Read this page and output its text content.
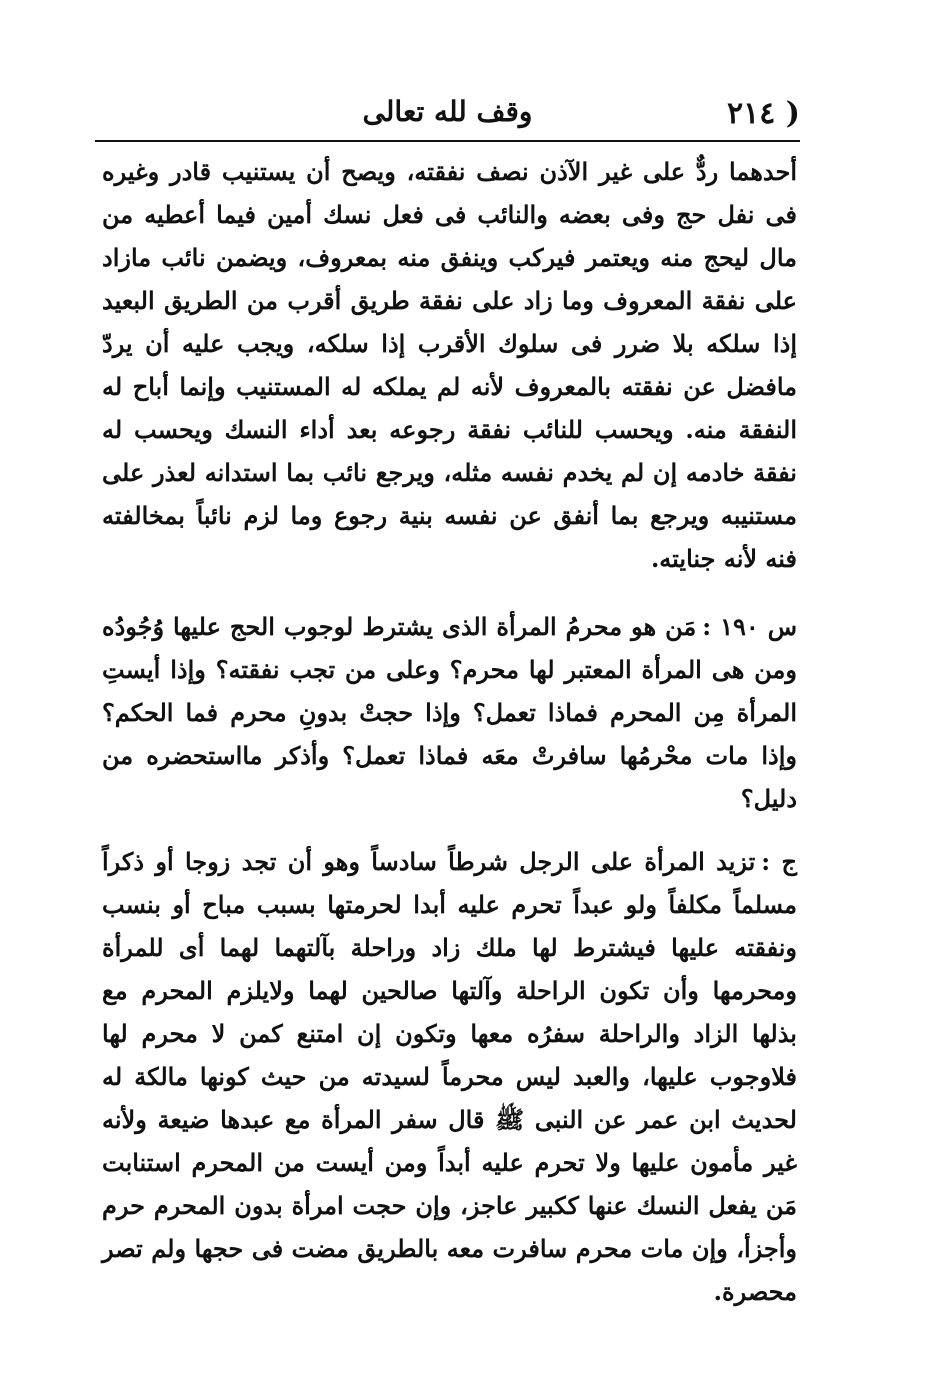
( ٢١٤
وقف لله تعالى

أحدهما ردٌّ على غير الآذن نصف نفقته، ويصح أن يستنيب قادر وغيره فى نفل حج وفى بعضه والنائب فى فعل نسك أمين فيما أعطيه من مال ليحج منه ويعتمر فيركب وينفق منه بمعروف، ويضمن نائب مازاد على نفقة المعروف وما زاد على نفقة طريق أقرب من الطريق البعيد إذا سلكه بلا ضرر فى سلوك الأقرب إذا سلكه، ويجب عليه أن يردّ مافضل عن نفقته بالمعروف لأنه لم يملكه له المستنيب وإنما أباح له النفقة منه. ويحسب للنائب نفقة رجوعه بعد أداء النسك ويحسب له نفقة خادمه إن لم يخدم نفسه مثله، ويرجع نائب بما استدانه لعذر على مستنيبه ويرجع بما أنفق عن نفسه بنية رجوع وما لزم نائباً بمخالفته فنه لأنه جنايته.

س ١٩٠ :مَن هو محرمُ المرأة الذى يشترط لوجوب الحج عليها وُجُودُه ومن هى المرأة المعتبر لها محرم؟ وعلى من تجب نفقته؟ وإذا أيستِ المرأة مِن المحرم فماذا تعمل؟ وإذا حجتْ بدونِ محرم فما الحكم؟ وإذا مات محْرمُها سافرتْ معَه فماذا تعمل؟ وأذكر مااستحضره من دليل؟

ج :تزيد المرأة على الرجل شرطاً سادساً وهو أن تجد زوجا أو ذكراً مسلماً مكلفاً ولو عبداً تحرم عليه أبدا لحرمتها بسبب مباح أو بنسب ونفقته عليها فيشترط لها ملك زاد وراحلة بآلتهما لهما أى للمرأة ومحرمها وأن تكون الراحلة وآلتها صالحين لهما ولايلزم المحرم مع بذلها الزاد والراحلة سفرُه معها وتكون إن امتنع كمن لا محرم لها فلاوجوب عليها، والعبد ليس محرماً لسيدته من حيث كونها مالكة له لحديث ابن عمر عن النبى ﷺ قال سفر المرأة مع عبدها ضيعة ولأنه غير مأمون عليها ولا تحرم عليه أبداً ومن أيست من المحرم استنابت مَن يفعل النسك عنها ككبير عاجز، وإن حجت امرأة بدون المحرم حرم وأجزأ، وإن مات محرم سافرت معه بالطريق مضت فى حجها ولم تصر محصرة.
